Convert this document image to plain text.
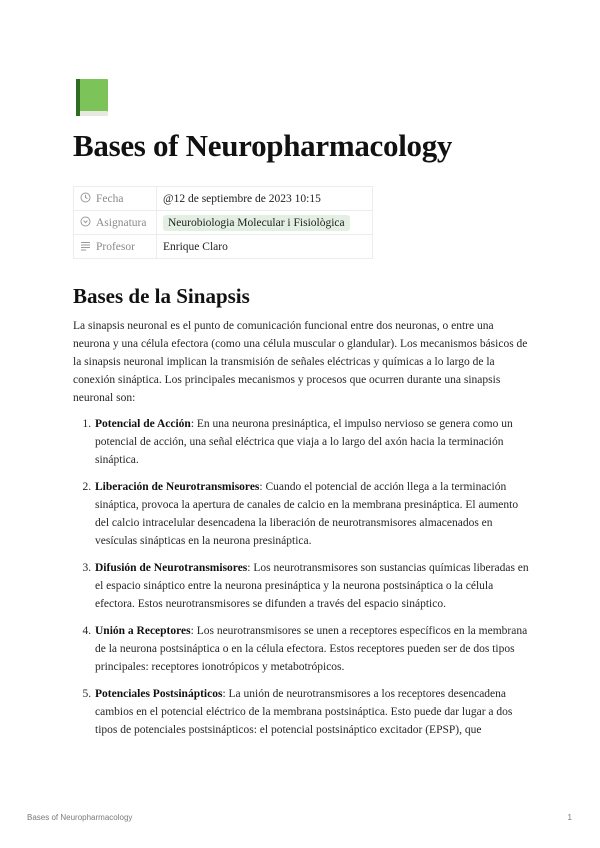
Bases of Neuropharmacology
Fecha	@12 de septiembre de 2023 10:15
Asignatura	Neurobiologia Molecular i Fisiològica
Profesor	Enrique Claro
Bases de la Sinapsis

La sinapsis neuronal es el punto de comunicación funcional entre dos neuronas, o entre una neurona y una célula efectora (como una célula muscular o glandular). Los mecanismos básicos de la sinapsis neuronal implican la transmisión de señales eléctricas y químicas a lo largo de la conexión sináptica. Los principales mecanismos y procesos que ocurren durante una sinapsis neuronal son:

1. Potencial de Acción: En una neurona presináptica, el impulso nervioso se genera como un potencial de acción, una señal eléctrica que viaja a lo largo del axón hacia la terminación sináptica.
2. Liberación de Neurotransmisores: Cuando el potencial de acción llega a la terminación sináptica, provoca la apertura de canales de calcio en la membrana presináptica. El aumento del calcio intracelular desencadena la liberación de neurotransmisores almacenados en vesículas sinápticas en la neurona presináptica.
3. Difusión de Neurotransmisores: Los neurotransmisores son sustancias químicas liberadas en el espacio sináptico entre la neurona presináptica y la neurona postsináptica o la célula efectora. Estos neurotransmisores se difunden a través del espacio sináptico.
4. Unión a Receptores: Los neurotransmisores se unen a receptores específicos en la membrana de la neurona postsináptica o en la célula efectora. Estos receptores pueden ser de dos tipos principales: receptores ionotrópicos y metabotrópicos.
5. Potenciales Postsinápticos: La unión de neurotransmisores a los receptores desencadena cambios en el potencial eléctrico de la membrana postsináptica. Esto puede dar lugar a dos tipos de potenciales postsinápticos: el potencial postsináptico excitador (EPSP), que
Bases of Neuropharmacology	1
